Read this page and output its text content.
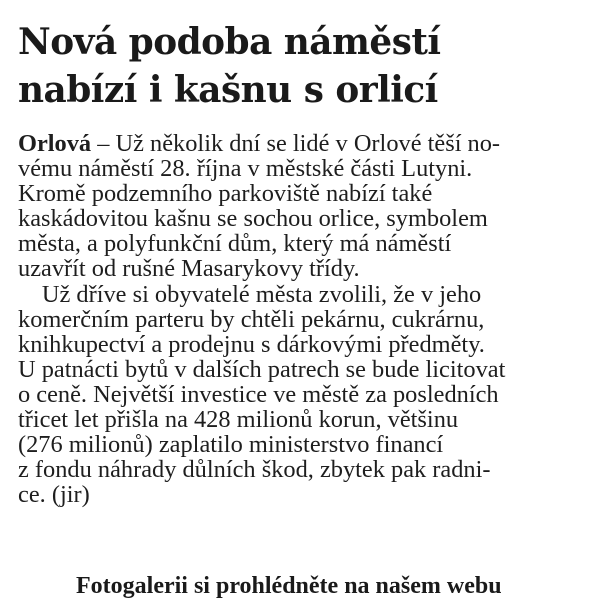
Nová podoba náměstí
nabízí i kašnu s orlicí
Orlová – Už několik dní se lidé v Orlové těší no-
vému náměstí 28. října v městské části Lutyni.
Kromě podzemního parkoviště nabízí také
kaskádovitou kašnu se sochou orlice, symbolem
města, a polyfunkční dům, který má náměstí
uzavřít od rušné Masarykovy třídy.
Už dříve si obyvatelé města zvolili, že v jeho
komerčním parteru by chtěli pekárnu, cukrárnu,
knihkupectví a prodejnu s dárkovými předměty.
U patnácti bytů v dalších patrech se bude licitovat
o ceně. Největší investice ve městě za posledních
třicet let přišla na 428 milionů korun, většinu
(276 milionů) zaplatilo ministerstvo financí
z fondu náhrady důlních škod, zbytek pak radni-
ce. (jir)
Fotogalerii si prohlédněte na našem webu
